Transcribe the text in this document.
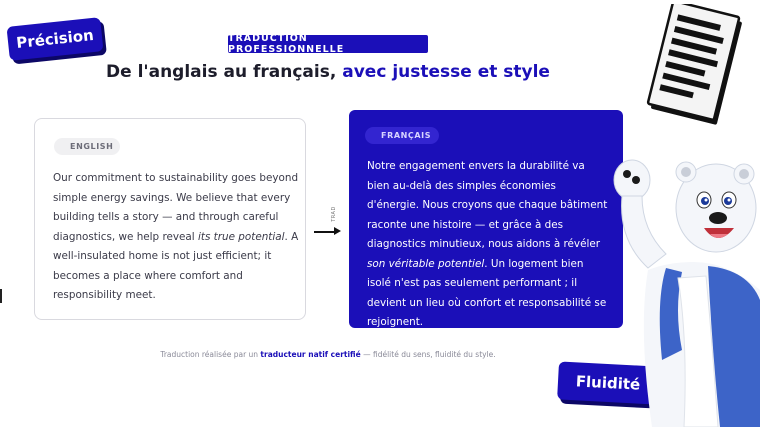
Précision	TRADUCTION PROFESSIONNELLE
De l'anglais au français, avec justesse et style
ENGLISH
Our commitment to sustainability goes beyond simple energy savings. We believe that every building tells a story — and through careful diagnostics, we help reveal its true potential. A well-insulated home is not just efficient; it becomes a place where comfort and responsibility meet.
TRAD
FRANÇAIS
Notre engagement envers la durabilité va bien au-delà des simples économies d'énergie. Nous croyons que chaque bâtiment raconte une histoire — et grâce à des diagnostics minutieux, nous aidons à révéler son véritable potentiel. Un logement bien isolé n'est pas seulement performant ; il devient un lieu où confort et responsabilité se rejoignent.
Traduction réalisée par un traducteur natif certifié — fidélité du sens, fluidité du style.
Fluidité
